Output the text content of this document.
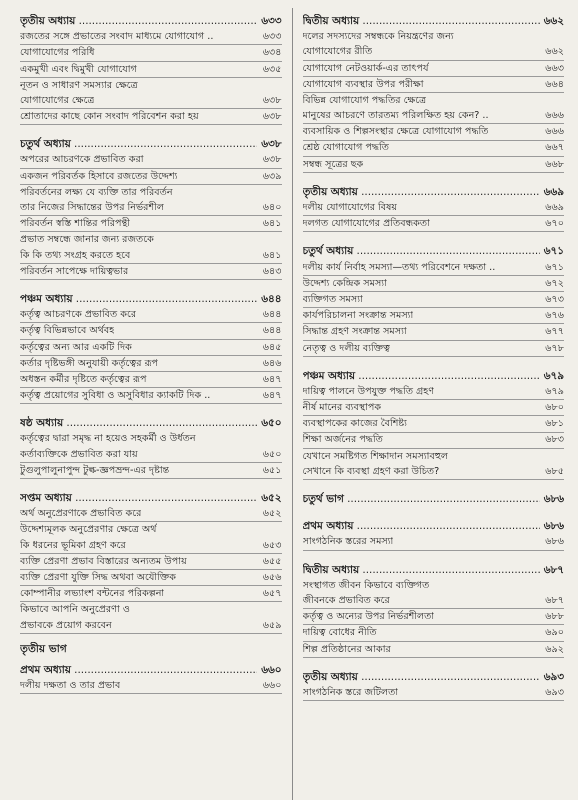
তৃতীয় অধ্যায় .....	৬৩৩
রজতের সঙ্গে প্রভাতের সংবাদ মাধ্যমে যোগাযোগ ..	৬৩৩
যোগাযোগের পরিধি	৬৩৪
একমুখী এবং দ্বিমুখী যোগাযোগ	৬৩৫
নূতন ও সাধারণ সমস্যার ক্ষেত্রে
যোগাযোগের ক্ষেত্রে	৬৩৮
শ্রোতাদের কাছে কোন সংবাদ পরিবেশন করা হয়	৬৩৮
চতুর্থ অধ্যায় .....	৬৩৮
অপরের আচরণকে প্রভাবিত করা	৬৩৮
একজন পরিবর্তক হিসাবে রজতের উদ্দেশ্য	৬৩৯
পরিবর্তনের লক্ষ্য যে ব্যক্তি তার পরিবর্তন
তার নিজের সিদ্ধান্তের উপর নির্ভরশীল	৬৪০
পরিবর্তন স্বস্তি শান্তির পরিপন্থী	৬৪১
প্রভাত সম্বন্ধে জানার জন্য রজতকে
কি কি তথ্য সংগ্রহ করতে হবে	৬৪১
পরিবর্তন সাপেক্ষে দায়িত্বভার	৬৪৩
পঞ্চম অধ্যায় .....	৬৪৪
কর্তৃত্ব আচরণকে প্রভাবিত করে	৬৪৪
কর্তৃত্ব বিভিন্নভাবে অর্থবহ	৬৪৪
কর্তৃত্বের অন্য আর একটি দিক	৬৪৫
কর্তার দৃষ্টিভঙ্গী অনুযায়ী কর্তৃত্বের রূপ	৬৪৬
অধস্তন কর্মীর দৃষ্টিতে কর্তৃত্বের রূপ	৬৪৭
কর্তৃত্ব প্রয়োগের সুবিধা ও অসুবিধার ক্যাকটি দিক ..	৬৪৭
ষষ্ঠ অধ্যায় .....	৬৫০
কর্তৃত্বের দ্বারা সমৃদ্ধ না হয়েও সহকর্মী ও উর্ধতন
কর্তাব্যক্তিকে প্রভাবিত করা যায়	৬৫০
টুগুলুপালুনাপুন্দ টুল্ক-জ্ঞপভ্রন্দ-এর দৃষ্টান্ত	৬৫১
সপ্তম অধ্যায় .....	৬৫২
অর্থ অনুপ্রেরণাকে প্রভাবিত করে	৬৫২
উদ্দেশ্যমূলক অনুপ্রেরণার ক্ষেত্রে অর্থ
কি ধরনের ভূমিকা গ্রহণ করে	৬৫৩
ব্যক্তি প্রেরণা প্রভাব বিস্তারের অন্যতম উপায়	৬৫৫
ব্যক্তি প্রেরণা যুক্তি সিদ্ধ অথবা অযৌক্তিক	৬৫৬
কোম্পানীর লভ্যাংশ বন্টনের পরিকল্পনা	৬৫৭
কিভাবে আপনি অনুপ্রেরণা ও
প্রভাবকে প্রয়োগ করবেন	৬৫৯
তৃতীয় ভাগ
প্রথম অধ্যায় .....	৬৬০
দলীয় দক্ষতা ও তার প্রভাব	৬৬০
দ্বিতীয় অধ্যায় .....	৬৬২
দলের সদস্যদের সম্বন্ধকে নিয়ন্ত্রণের জন্য
যোগাযোগের রীতি	৬৬২
যোগাযোগ নেটওয়ার্ক-এর তাৎপর্য	৬৬৩
যোগাযোগ ব্যবস্থার উপর পরীক্ষা	৬৬৪
বিভিন্ন যোগাযোগ পদ্ধতির ক্ষেত্রে
মানুষের আচরণে তারতম্য পরিলক্ষিত হয় কেন? ..	৬৬৬
ব্যবসায়িক ও শিল্পসংস্থার ক্ষেত্রে যোগাযোগ পদ্ধতি	৬৬৬
শ্রেষ্ঠ যোগাযোগ পদ্ধতি	৬৬৭
সম্বন্ধ সূত্রের ছক	৬৬৮
তৃতীয় অধ্যায় .....	৬৬৯
দলীয় যোগাযোগের বিষয়	৬৬৯
দলগত যোগাযোগের প্রতিবন্ধকতা	৬৭০
চতুর্থ অধ্যায় .....	৬৭১
দলীয় কার্য নির্বাহ সমস্যা—তথ্য পরিবেশনে দক্ষতা ..	৬৭১
উদ্দেশ্য কেন্দ্রিক সমস্যা	৬৭২
ব্যক্তিগত সমস্যা	৬৭৩
কার্যপরিচালনা সংক্রান্ত সমস্যা	৬৭৬
সিদ্ধান্ত গ্রহণ সংক্রান্ত সমস্যা	৬৭৭
নেতৃত্ব ও দলীয় ব্যক্তিত্ব	৬৭৮
পঞ্চম অধ্যায় .....	৬৭৯
দায়িত্ব পালনে উপযুক্ত পদ্ধতি গ্রহণ	৬৭৯
নীর্ষ মানের ব্যবস্থাপক	৬৮০
ব্যবস্থাপকের কাজের বৈশিষ্ট্য	৬৮১
শিক্ষা অর্জনের পদ্ধতি	৬৮৩
যেখানে সমষ্টিগত শিক্ষাদান সমস্যাবহুল
সেখানে কি ব্যবস্থা গ্রহণ করা উচিত?	৬৮৫
চতুর্থ ভাগ .....	৬৮৬
প্রথম অধ্যায় .....	৬৮৬
সাংগঠনিক স্তরের সমস্যা	৬৮৬
দ্বিতীয় অধ্যায় .....	৬৮৭
সংস্থাগত জীবন কিভাবে ব্যক্তিগত
জীবনকে প্রভাবিত করে	৬৮৭
কর্তৃত্ব ও অন্যের উপর নির্ভরশীলতা	৬৮৮
দায়িত্ব বোধের নীতি	৬৯০
শিল্প প্রতিষ্ঠানের আকার	৬৯২
তৃতীয় অধ্যায় .....	৬৯৩
সাংগঠনিক স্তরে জটিলতা	৬৯৩
